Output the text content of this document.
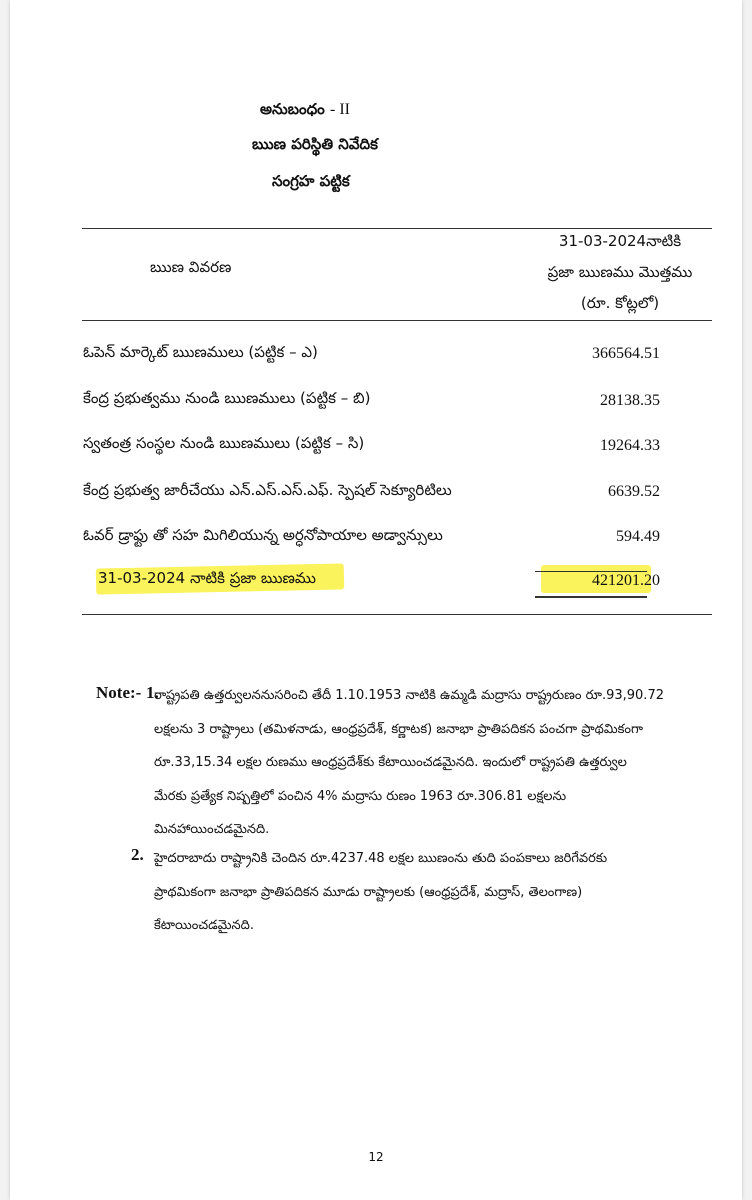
అనుబంధం - II
ఋణ పరిస్థితి నివేదిక
సంగ్రహ పట్టిక
ఋణ వివరణ
31-03-2024నాటికి
ప్రజా ఋణము మొత్తము
(రూ. కోట్లలో)
ఓపెన్ మార్కెట్ ఋణములు (పట్టిక – ఎ)	366564.51
కేంద్ర ప్రభుత్వము నుండి ఋణములు (పట్టిక – బి)	28138.35
స్వతంత్ర సంస్థల నుండి ఋణములు (పట్టిక – సి)	19264.33
కేంద్ర ప్రభుత్వ జారీచేయు ఎన్.ఎస్.ఎస్.ఎఫ్. స్పెషల్ సెక్యూరిటిలు	6639.52
ఓవర్ డ్రాఫ్టు తో సహ మిగిలియున్న అర్ధనోపాయాల అడ్వాన్సులు	594.49
31-03-2024 నాటికి ప్రజా ఋణము	421201.20
Note:- 1.
రాష్ట్రపతి ఉత్తర్వులననుసరించి తేదీ 1.10.1953 నాటికి ఉమ్మడి మద్రాసు రాష్ట్రరుణం రూ.93,90.72
లక్షలను 3 రాష్ట్రాలు (తమిళనాడు, ఆంధ్రప్రదేశ్, కర్ణాటక) జనాభా ప్రాతిపదికన పంచగా ప్రాథమికంగా
రూ.33,15.34 లక్షల రుణము ఆంధ్రప్రదేశ్‌కు కేటాయించడమైనది. ఇందులో రాష్ట్రపతి ఉత్తర్వుల
మేరకు ప్రత్యేక నిష్పత్తిలో పంచిన 4% మద్రాసు రుణం 1963 రూ.306.81 లక్షలను
మినహాయించడమైనది.
2. హైదరాబాదు రాష్ట్రానికి చెందిన రూ.4237.48 లక్షల ఋణంను తుది పంపకాలు జరిగేవరకు
ప్రాథమికంగా జనాభా ప్రాతిపదికన మూడు రాష్ట్రాలకు (ఆంధ్రప్రదేశ్, మద్రాస్, తెలంగాణ)
కేటాయించడమైనది.
12
